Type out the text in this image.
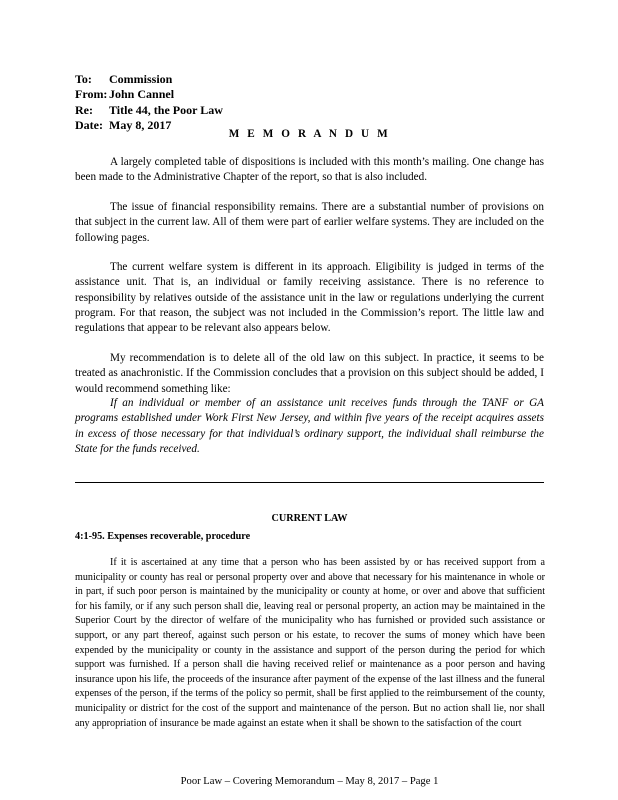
To:	Commission
From: John Cannel
Re:	Title 44, the Poor Law
Date: May 8, 2017
M E M O R A N D U M

A largely completed table of dispositions is included with this month’s mailing. One change has been made to the Administrative Chapter of the report, so that is also included.

The issue of financial responsibility remains. There are a substantial number of provisions on that subject in the current law. All of them were part of earlier welfare systems. They are included on the following pages.

The current welfare system is different in its approach. Eligibility is judged in terms of the assistance unit. That is, an individual or family receiving assistance. There is no reference to responsibility by relatives outside of the assistance unit in the law or regulations underlying the current program. For that reason, the subject was not included in the Commission’s report. The little law and regulations that appear to be relevant also appears below.

My recommendation is to delete all of the old law on this subject. In practice, it seems to be treated as anachronistic. If the Commission concludes that a provision on this subject should be added, I would recommend something like:

If an individual or member of an assistance unit receives funds through the TANF or GA programs established under Work First New Jersey, and within five years of the receipt acquires assets in excess of those necessary for that individual’s ordinary support, the individual shall reimburse the State for the funds received.

CURRENT LAW
4:1-95. Expenses recoverable, procedure

If it is ascertained at any time that a person who has been assisted by or has received support from a municipality or county has real or personal property over and above that necessary for his maintenance in whole or in part, if such poor person is maintained by the municipality or county at home, or over and above that sufficient for his family, or if any such person shall die, leaving real or personal property, an action may be maintained in the Superior Court by the director of welfare of the municipality who has furnished or provided such assistance or support, or any part thereof, against such person or his estate, to recover the sums of money which have been expended by the municipality or county in the assistance and support of the person during the period for which support was furnished. If a person shall die having received relief or maintenance as a poor person and having insurance upon his life, the proceeds of the insurance after payment of the expense of the last illness and the funeral expenses of the person, if the terms of the policy so permit, shall be first applied to the reimbursement of the county, municipality or district for the cost of the support and maintenance of the person. But no action shall lie, nor shall any appropriation of insurance be made against an estate when it shall be shown to the satisfaction of the court

Poor Law – Covering Memorandum – May 8, 2017 – Page 1
